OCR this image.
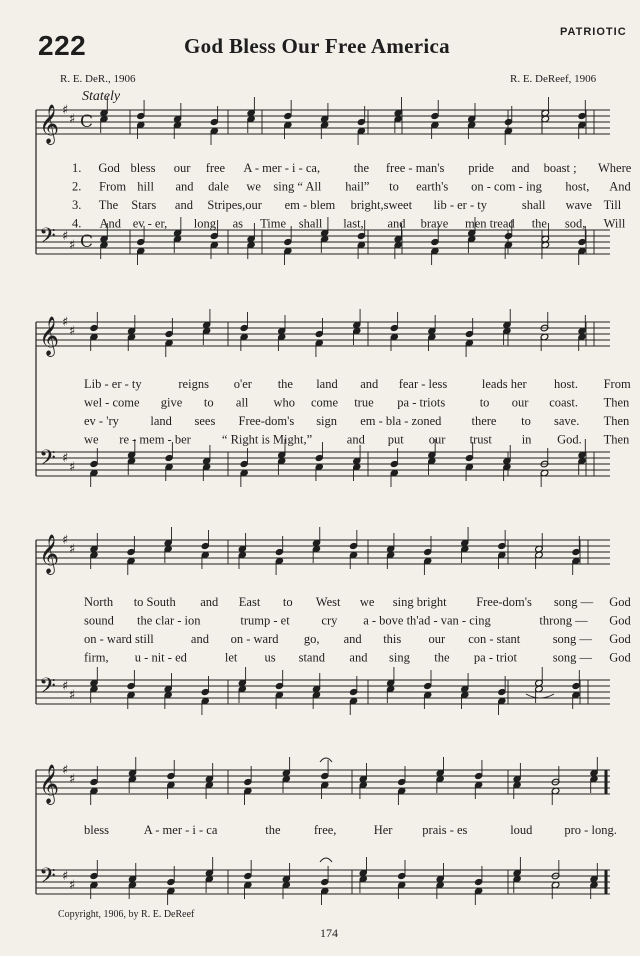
222	God Bless Our Free America
PATRIOTIC
R. E. DeR., 1906	R. E. DeReef, 1906
Stately
𝄞
𝄢
♯
♯
♯
♯
C
C
1. God bless our free A - mer - i - ca,	the free - man's pride and boast ; Where
2. From hill and dale we sing “ All hail” to earth's on - com - ing host, And
3. The Stars and Stripes,our em - blem bright,sweet lib - er - ty	shall wave Till
4. And ev - er, long as Time shall last, and brave men tread the sod, Will
𝄞
𝄢
♯
♯
♯
♯
Lib - er - ty	reigns o'er the land and fear - less	leads her host. From
wel - come give to all who come true pa - triots	to our coast. Then
ev - 'ry	land sees Free-dom's sign em - bla - zoned there to save. Then
we re - mem - ber “ Right is Might,”	and put our trust in God. Then
𝄞
𝄢
♯
♯
♯
♯
North to South and East to West we sing bright Free-dom's song — God
sound the clar - ion	trump - et	cry a - bove th'ad - van - cing	throng — God
on - ward still	and on - ward go, and this our con - stant	song — God
firm, u - nit - ed	let us stand and sing the pa - triot	song — God
𝄞
𝄢
♯
♯
♯
♯
bless	A - mer - i - ca	the	free,	Her prais - es	loud	pro - long.
Copyright, 1906, by R. E. DeReef
174
